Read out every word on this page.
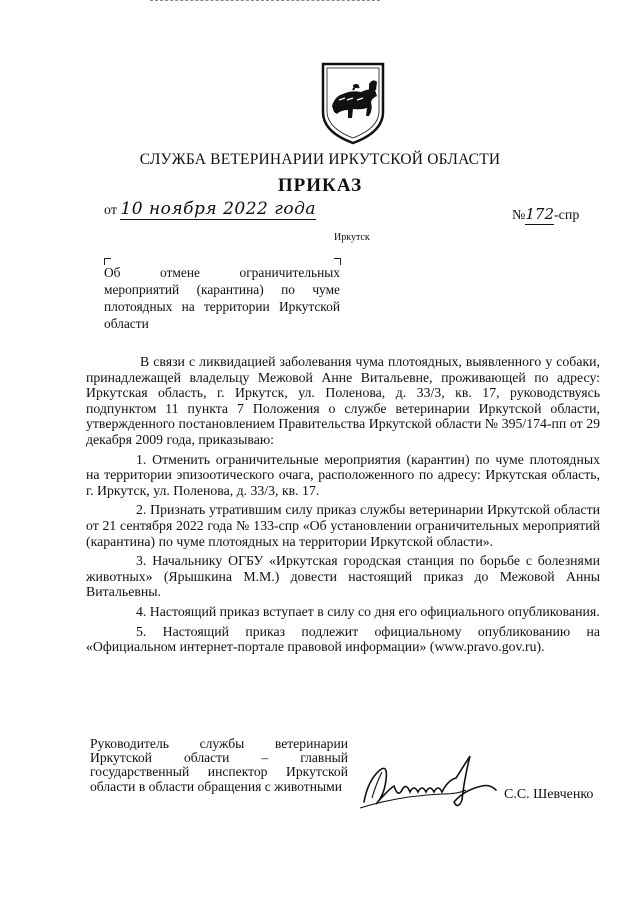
СЛУЖБА ВЕТЕРИНАРИИ ИРКУТСКОЙ ОБЛАСТИ
ПРИКАЗ
от 10 ноября 2022 года	№172-спр
Иркутск
Об отмене ограничительных мероприятий (карантина) по чуме плотоядных на территории Иркутской области

В связи с ликвидацией заболевания чума плотоядных, выявленного у собаки, принадлежащей владельцу Межовой Анне Витальевне, проживающей по адресу: Иркутская область, г. Иркутск, ул. Поленова, д. 33/3, кв. 17, руководствуясь подпунктом 11 пункта 7 Положения о службе ветеринарии Иркутской области, утвержденного постановлением Правительства Иркутской области № 395/174-пп от 29 декабря 2009 года, приказываю:

1. Отменить ограничительные мероприятия (карантин) по чуме плотоядных на территории эпизоотического очага, расположенного по адресу: Иркутская область, г. Иркутск, ул. Поленова, д. 33/3, кв. 17.

2. Признать утратившим силу приказ службы ветеринарии Иркутской области от 21 сентября 2022 года № 133-спр «Об установлении ограничительных мероприятий (карантина) по чуме плотоядных на территории Иркутской области».

3. Начальнику ОГБУ «Иркутская городская станция по борьбе с болезнями животных» (Ярышкина М.М.) довести настоящий приказ до Межовой Анны Витальевны.

4. Настоящий приказ вступает в силу со дня его официального опубликования.

5. Настоящий приказ подлежит официальному опубликованию на «Официальном интернет-портале правовой информации» (www.pravo.gov.ru).

Руководитель службы ветеринарии Иркутской области – главный государственный инспектор Иркутской области в области обращения с животными
С.С. Шевченко
